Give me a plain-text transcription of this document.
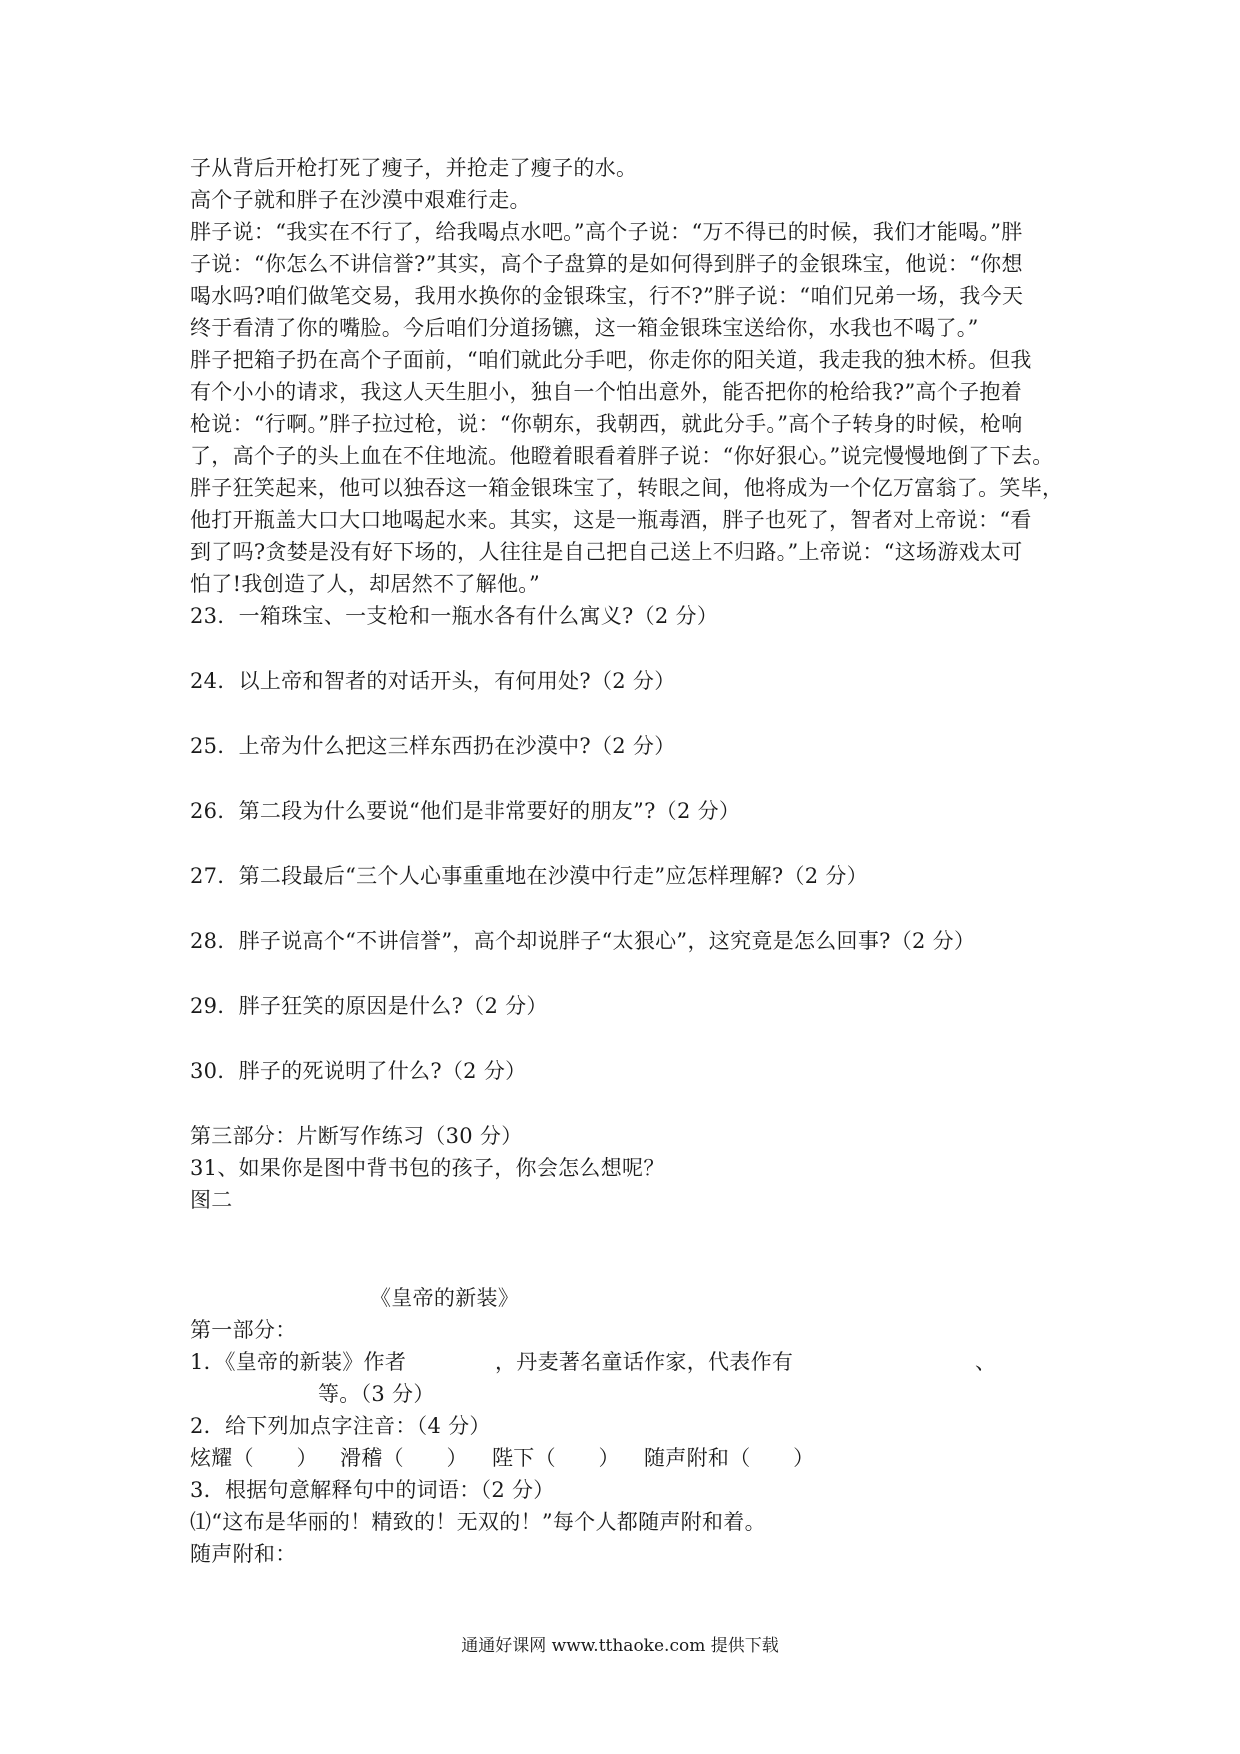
子从背后开枪打死了瘦子，并抢走了瘦子的水。
高个子就和胖子在沙漠中艰难行走。
胖子说：“我实在不行了，给我喝点水吧。”高个子说：“万不得已的时候，我们才能喝。”胖
子说：“你怎么不讲信誉?”其实，高个子盘算的是如何得到胖子的金银珠宝，他说：“你想
喝水吗?咱们做笔交易，我用水换你的金银珠宝，行不?”胖子说：“咱们兄弟一场，我今天
终于看清了你的嘴脸。今后咱们分道扬镳，这一箱金银珠宝送给你，水我也不喝了。”
胖子把箱子扔在高个子面前，“咱们就此分手吧，你走你的阳关道，我走我的独木桥。但我
有个小小的请求，我这人天生胆小，独自一个怕出意外，能否把你的枪给我?”高个子抱着
枪说：“行啊。”胖子拉过枪，说：“你朝东，我朝西，就此分手。”高个子转身的时候，枪响
了，高个子的头上血在不住地流。他瞪着眼看着胖子说：“你好狠心。”说完慢慢地倒了下去。
胖子狂笑起来，他可以独吞这一箱金银珠宝了，转眼之间，他将成为一个亿万富翁了。笑毕，
他打开瓶盖大口大口地喝起水来。其实，这是一瓶毒酒，胖子也死了，智者对上帝说：“看
到了吗?贪婪是没有好下场的，人往往是自己把自己送上不归路。”上帝说：“这场游戏太可
怕了!我创造了人，却居然不了解他。”
23．一箱珠宝、一支枪和一瓶水各有什么寓义?（2 分）
24．以上帝和智者的对话开头，有何用处?（2 分）
25．上帝为什么把这三样东西扔在沙漠中?（2 分）
26．第二段为什么要说“他们是非常要好的朋友”?（2 分）
27．第二段最后“三个人心事重重地在沙漠中行走”应怎样理解?（2 分）
28．胖子说高个“不讲信誉”，高个却说胖子“太狠心”，这究竟是怎么回事?（2 分）
29．胖子狂笑的原因是什么?（2 分）
30．胖子的死说明了什么?（2 分）
第三部分：片断写作练习（30 分）
31、如果你是图中背书包的孩子，你会怎么想呢？
图二
《皇帝的新装》
第一部分：
1．《皇帝的新装》作者	，丹麦著名童话作家，代表作有	、
等。（3 分）
2．给下列加点字注音：（4 分）
炫耀（　　） 滑稽（　　） 陛下（　　） 随声附和（　　）
3．根据句意解释句中的词语：（2 分）
⑴“这布是华丽的！精致的！无双的！”每个人都随声附和着。
随声附和：
通通好课网 www.tthaoke.com 提供下载
